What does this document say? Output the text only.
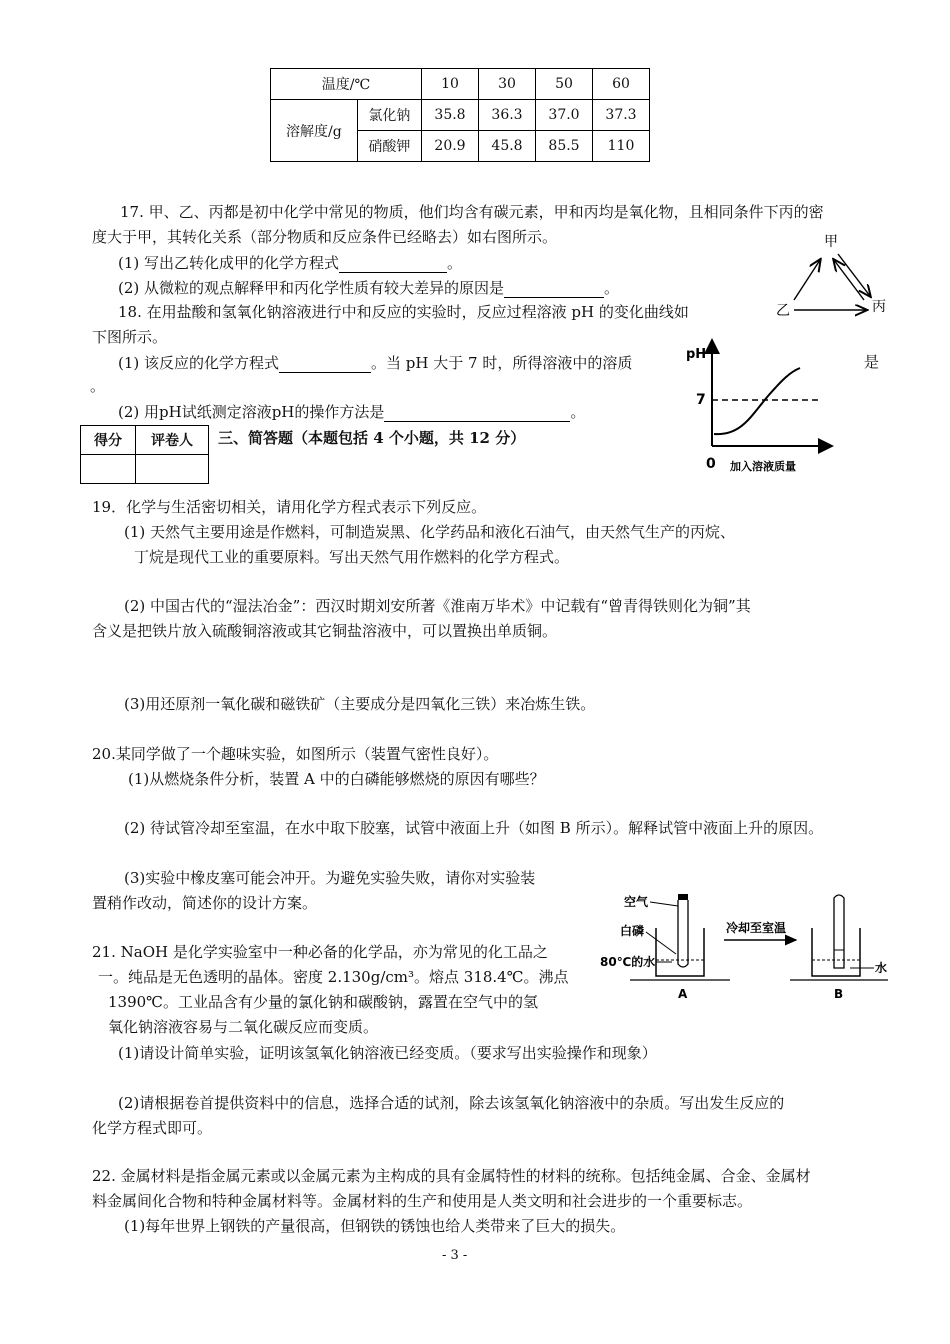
温度/℃		10	30	50	60
溶解度/g	氯化钠	35.8	36.3	37.0	37.3
	硝酸钾	20.9	45.8	85.5	110
17. 甲、乙、丙都是初中化学中常见的物质，他们均含有碳元素，甲和丙均是氧化物，且相同条件下丙的密
度大于甲，其转化关系（部分物质和反应条件已经略去）如右图所示。
(1) 写出乙转化成甲的化学方程式	。
(2) 从微粒的观点解释甲和丙化学性质有较大差异的原因是	。
甲
乙	丙
18. 在用盐酸和氢氧化钠溶液进行中和反应的实验时，反应过程溶液 pH 的变化曲线如
下图所示。
(1) 该反应的化学方程式	。当 pH 大于 7 时，所得溶液中的溶质	是
。
(2) 用pH试纸测定溶液pH的操作方法是	。
pH
7
0 加入溶液质量
得分	评卷人
	三、简答题（本题包括 4 个小题，共 12 分）
19．化学与生活密切相关，请用化学方程式表示下列反应。
(1) 天然气主要用途是作燃料，可制造炭黑、化学药品和液化石油气，由天然气生产的丙烷、
丁烷是现代工业的重要原料。写出天然气用作燃料的化学方程式。
(2) 中国古代的“湿法冶金”：西汉时期刘安所著《淮南万毕术》中记载有“曾青得铁则化为铜”其
含义是把铁片放入硫酸铜溶液或其它铜盐溶液中，可以置换出单质铜。
(3)用还原剂一氧化碳和磁铁矿（主要成分是四氧化三铁）来冶炼生铁。
20.某同学做了一个趣味实验，如图所示（装置气密性良好）。
(1)从燃烧条件分析，装置 A 中的白磷能够燃烧的原因有哪些？
(2) 待试管冷却至室温，在水中取下胶塞，试管中液面上升（如图 B 所示）。解释试管中液面上升的原因。
(3)实验中橡皮塞可能会冲开。为避免实验失败，请你对实验装
置稍作改动，简述你的设计方案。	空气
白磷
80℃的水
A
冷却至室温
水
B
21. NaOH 是化学实验室中一种必备的化学品，亦为常见的化工品之
一。纯品是无色透明的晶体。密度 2.130g/cm³。熔点 318.4℃。沸点
1390℃。工业品含有少量的氯化钠和碳酸钠，露置在空气中的氢
氧化钠溶液容易与二氧化碳反应而变质。
(1)请设计简单实验，证明该氢氧化钠溶液已经变质。（要求写出实验操作和现象）
(2)请根据卷首提供资料中的信息，选择合适的试剂，除去该氢氧化钠溶液中的杂质。写出发生反应的
化学方程式即可。
22. 金属材料是指金属元素或以金属元素为主构成的具有金属特性的材料的统称。包括纯金属、合金、金属材
料金属间化合物和特种金属材料等。金属材料的生产和使用是人类文明和社会进步的一个重要标志。
(1)每年世界上钢铁的产量很高，但钢铁的锈蚀也给人类带来了巨大的损失。
- 3 -
